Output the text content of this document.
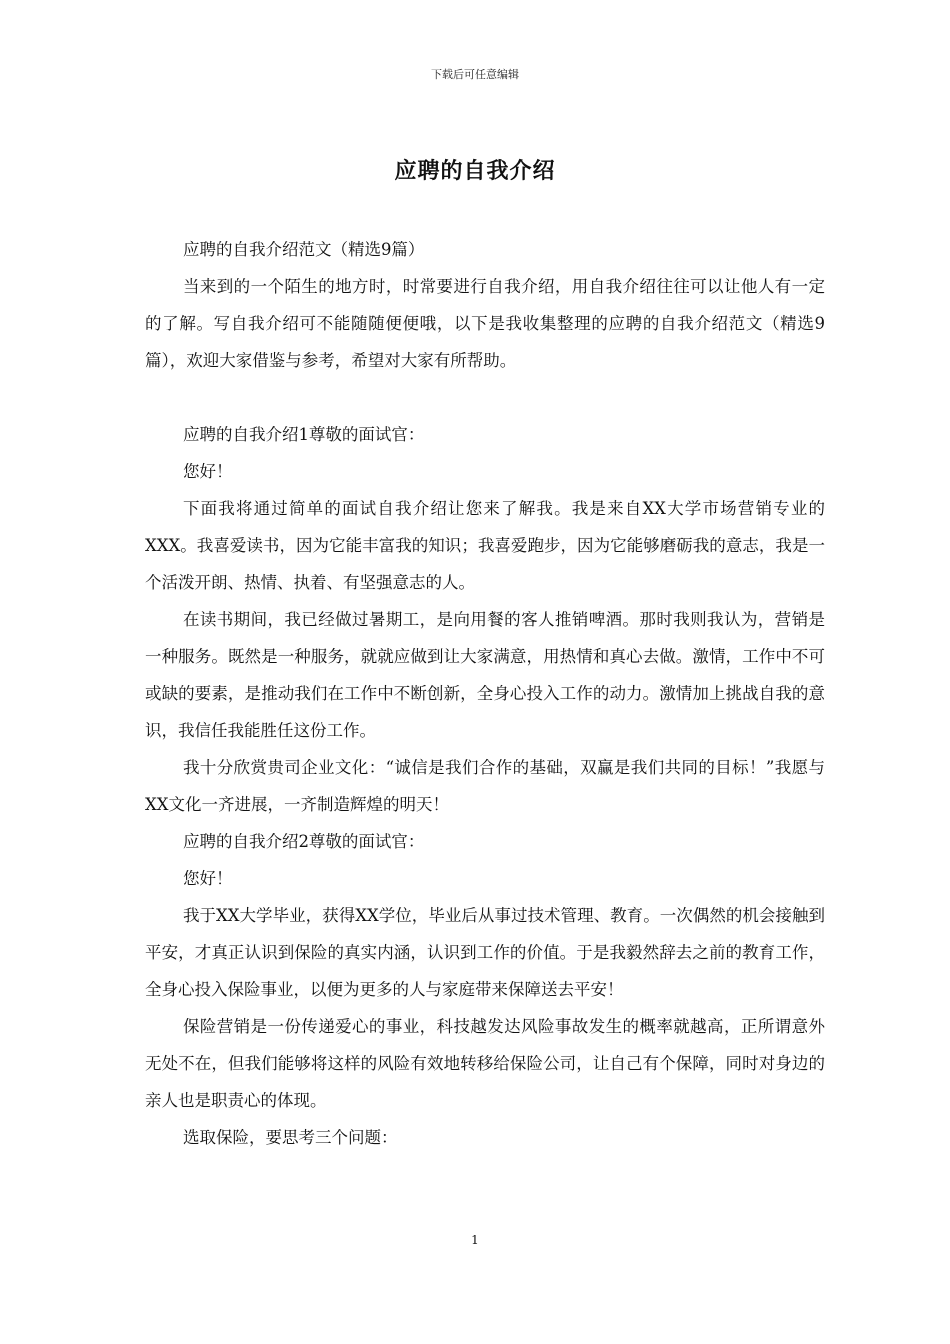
下载后可任意编辑
应聘的自我介绍

应聘的自我介绍范文（精选9篇）

当来到的一个陌生的地方时，时常要进行自我介绍，用自我介绍往往可以让他人有一定的了解。写自我介绍可不能随随便便哦，以下是我收集整理的应聘的自我介绍范文（精选9篇），欢迎大家借鉴与参考，希望对大家有所帮助。

应聘的自我介绍1尊敬的面试官：

您好！

下面我将通过简单的面试自我介绍让您来了解我。我是来自XX大学市场营销专业的XXX。我喜爱读书，因为它能丰富我的知识；我喜爱跑步，因为它能够磨砺我的意志，我是一个活泼开朗、热情、执着、有坚强意志的人。

在读书期间，我已经做过暑期工，是向用餐的客人推销啤酒。那时我则我认为，营销是一种服务。既然是一种服务，就就应做到让大家满意，用热情和真心去做。激情，工作中不可或缺的要素，是推动我们在工作中不断创新，全身心投入工作的动力。激情加上挑战自我的意识，我信任我能胜任这份工作。

我十分欣赏贵司企业文化：“诚信是我们合作的基础，双赢是我们共同的目标！”我愿与XX文化一齐进展，一齐制造辉煌的明天！

应聘的自我介绍2尊敬的面试官：

您好！

我于XX大学毕业，获得XX学位，毕业后从事过技术管理、教育。一次偶然的机会接触到平安，才真正认识到保险的真实内涵，认识到工作的价值。于是我毅然辞去之前的教育工作，全身心投入保险事业，以便为更多的人与家庭带来保障送去平安！

保险营销是一份传递爱心的事业，科技越发达风险事故发生的概率就越高，正所谓意外无处不在，但我们能够将这样的风险有效地转移给保险公司，让自己有个保障，同时对身边的亲人也是职责心的体现。

选取保险，要思考三个问题：

1
